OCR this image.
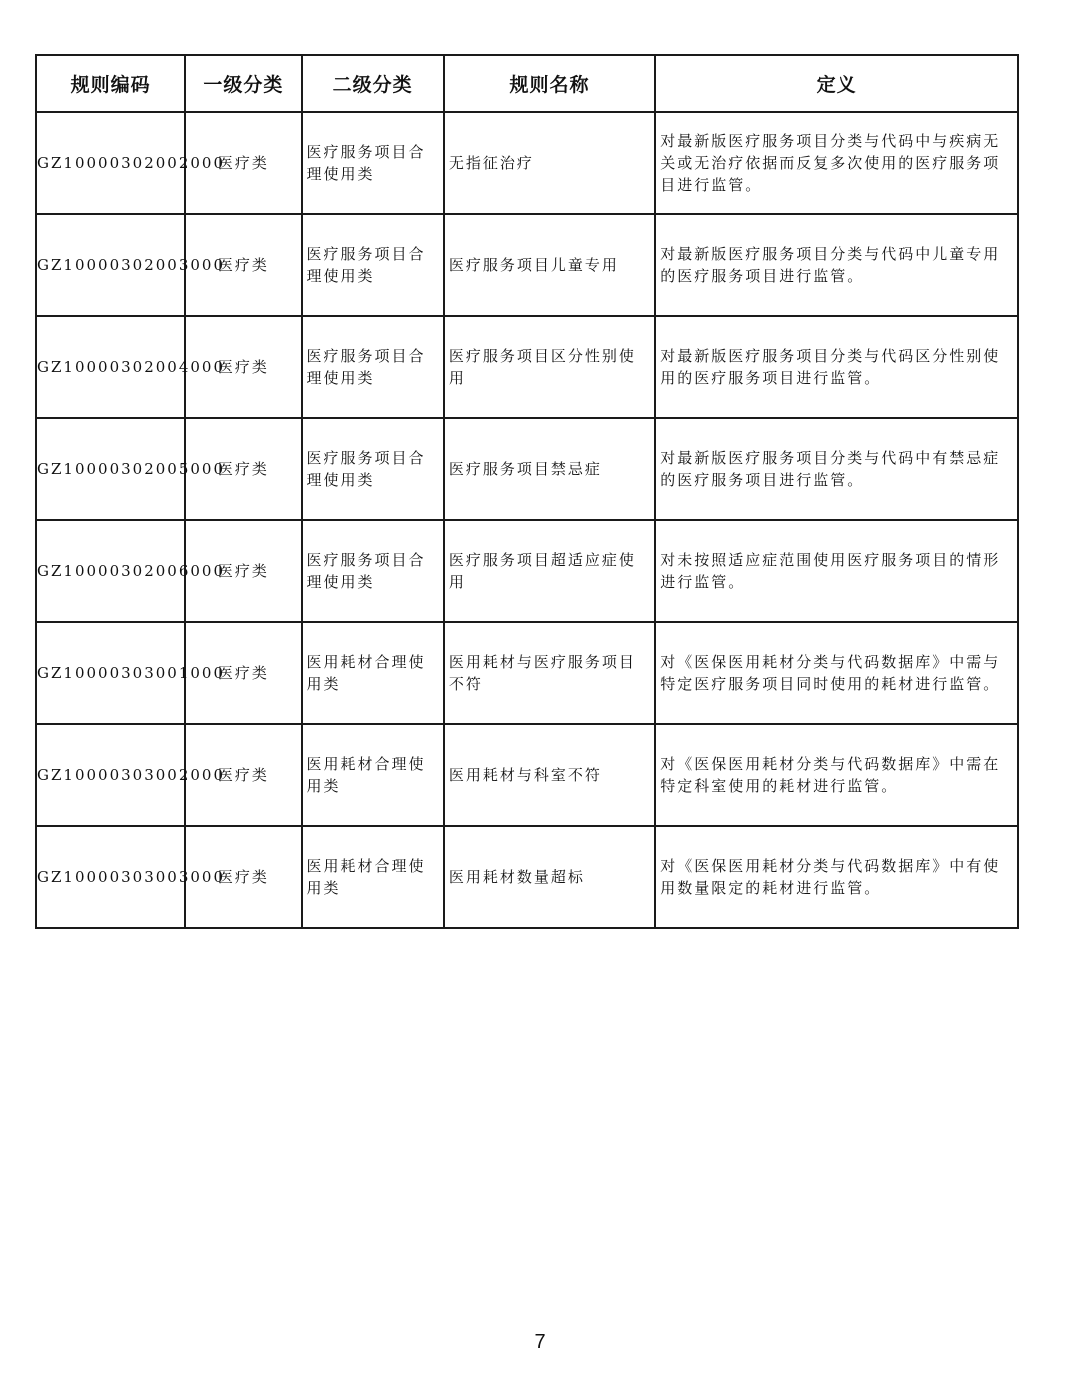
规则编码	一级分类	二级分类	规则名称	定义
GZ10000302002000	医疗类	医疗服务项目合理使用类	无指征治疗	对最新版医疗服务项目分类与代码中与疾病无关或无治疗依据而反复多次使用的医疗服务项目进行监管。

GZ10000302003000	医疗类	医疗服务项目合理使用类	医疗服务项目儿童专用	对最新版医疗服务项目分类与代码中儿童专用的医疗服务项目进行监管。

GZ10000302004000	医疗类	医疗服务项目合理使用类	医疗服务项目区分性别使用	对最新版医疗服务项目分类与代码区分性别使用的医疗服务项目进行监管。

GZ10000302005000	医疗类	医疗服务项目合理使用类	医疗服务项目禁忌症	对最新版医疗服务项目分类与代码中有禁忌症的医疗服务项目进行监管。

GZ10000302006000	医疗类	医疗服务项目合理使用类	医疗服务项目超适应症使用	对未按照适应症范围使用医疗服务项目的情形进行监管。

GZ10000303001000	医疗类	医用耗材合理使用类	医用耗材与医疗服务项目不符	对《医保医用耗材分类与代码数据库》中需与特定医疗服务项目同时使用的耗材进行监管。

GZ10000303002000	医疗类	医用耗材合理使用类	医用耗材与科室不符	对《医保医用耗材分类与代码数据库》中需在特定科室使用的耗材进行监管。

GZ10000303003000	医疗类	医用耗材合理使用类	医用耗材数量超标	对《医保医用耗材分类与代码数据库》中有使用数量限定的耗材进行监管。
7
